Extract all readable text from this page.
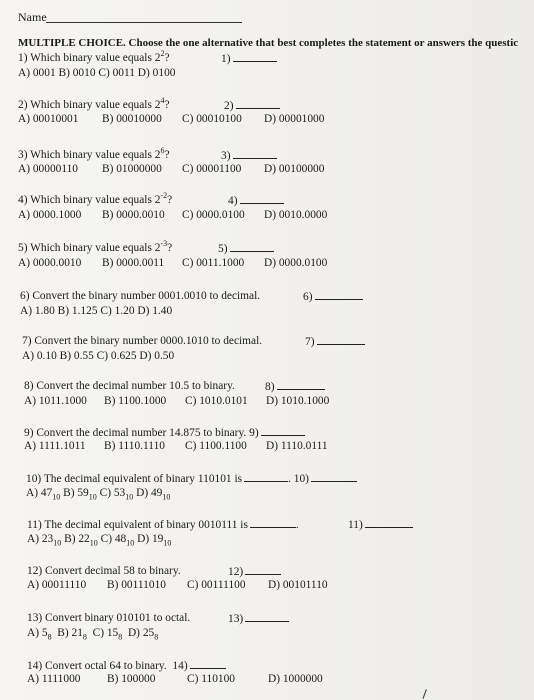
Name
MULTIPLE CHOICE. Choose the one alternative that best completes the statement or answers the questic
1) Which binary value equals $2^2$?
A) 0001 B) 0010 C) 0011 D) 0100
1)
2) Which binary value equals $2^4$?	2)
A) 00010001 B) 00010000 C) 00010100 D) 00001000
3) Which binary value equals $2^6$?	3)
A) 00000110 B) 01000000 C) 00001100 D) 00100000
4) Which binary value equals $2^{-2}$?	4)
A) 0000.1000 B) 0000.0010 C) 0000.0100 D) 0010.0000
5) Which binary value equals $2^{-3}$?	5)
A) 0000.0010 B) 0000.0011 C) 0011.1000 D) 0000.0100
6) Convert the binary number 0001.0010 to decimal.
A) 1.80 B) 1.125 C) 1.20 D) 1.40
6)
7) Convert the binary number 0000.1010 to decimal.
A) 0.10 B) 0.55 C) 0.625 D) 0.50
7)
8) Convert the decimal number 10.5 to binary.	8)
A) 1011.1000 B) 1100.1000 C) 1010.0101 D) 1010.1000
9) Convert the decimal number 14.875 to binary. 9)
A) 1111.1011 B) 1110.1110 C) 1100.1100 D) 1110.0111
10) The decimal equivalent of binary 110101 is	. 10)
A) $47_{10}$ B) $59_{10}$ C) $53_{10}$ D) $49_{10}$
11) The decimal equivalent of binary 0010111 is	.
A) $23_{10}$ B) $22_{10}$ C) $48_{10}$ D) $19_{10}$
11)
12) Convert decimal 58 to binary.	12)
A) 00011110 B) 00111010 C) 00111100 D) 00101110
13) Convert binary 010101 to octal.
A) $5_8$ B) $21_8$ C) $15_8$ D) $25_8$
13)
14) Convert octal 64 to binary. 14)
A) 1111000 B) 100000	C) 110100	D) 1000000
